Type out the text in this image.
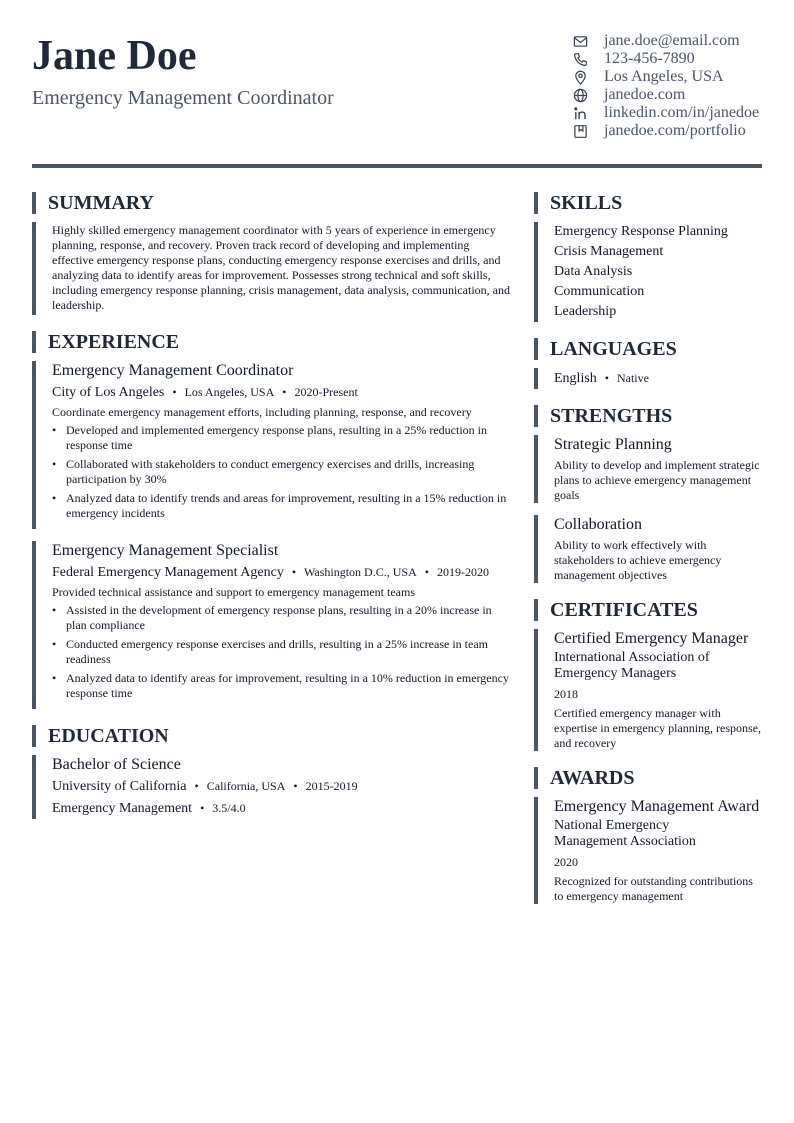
Jane Doe
Emergency Management Coordinator
jane.doe@email.com
123-456-7890
Los Angeles, USA
janedoe.com
linkedin.com/in/janedoe
janedoe.com/portfolio
SUMMARY
Highly skilled emergency management coordinator with 5 years of experience in emergency planning, response, and recovery. Proven track record of developing and implementing effective emergency response plans, conducting emergency response exercises and drills, and analyzing data to identify areas for improvement. Possesses strong technical and soft skills, including emergency response planning, crisis management, data analysis, communication, and leadership.
EXPERIENCE
Emergency Management Coordinator
City of Los Angeles • Los Angeles, USA • 2020-Present
Coordinate emergency management efforts, including planning, response, and recovery
• Developed and implemented emergency response plans, resulting in a 25% reduction in response time
• Collaborated with stakeholders to conduct emergency exercises and drills, increasing participation by 30%
• Analyzed data to identify trends and areas for improvement, resulting in a 15% reduction in emergency incidents
Emergency Management Specialist
Federal Emergency Management Agency • Washington D.C., USA • 2019-2020
Provided technical assistance and support to emergency management teams
• Assisted in the development of emergency response plans, resulting in a 20% increase in plan compliance
• Conducted emergency response exercises and drills, resulting in a 25% increase in team readiness
• Analyzed data to identify areas for improvement, resulting in a 10% reduction in emergency response time
EDUCATION
Bachelor of Science
University of California • California, USA • 2015-2019
Emergency Management • 3.5/4.0
SKILLS
Emergency Response Planning
Crisis Management
Data Analysis
Communication
Leadership
LANGUAGES
English • Native
STRENGTHS
Strategic Planning
Ability to develop and implement strategic plans to achieve emergency management goals
Collaboration
Ability to work effectively with stakeholders to achieve emergency management objectives
CERTIFICATES
Certified Emergency Manager
International Association of Emergency Managers
2018
Certified emergency manager with expertise in emergency planning, response, and recovery
AWARDS
Emergency Management Award
National Emergency Management Association
2020
Recognized for outstanding contributions to emergency management
